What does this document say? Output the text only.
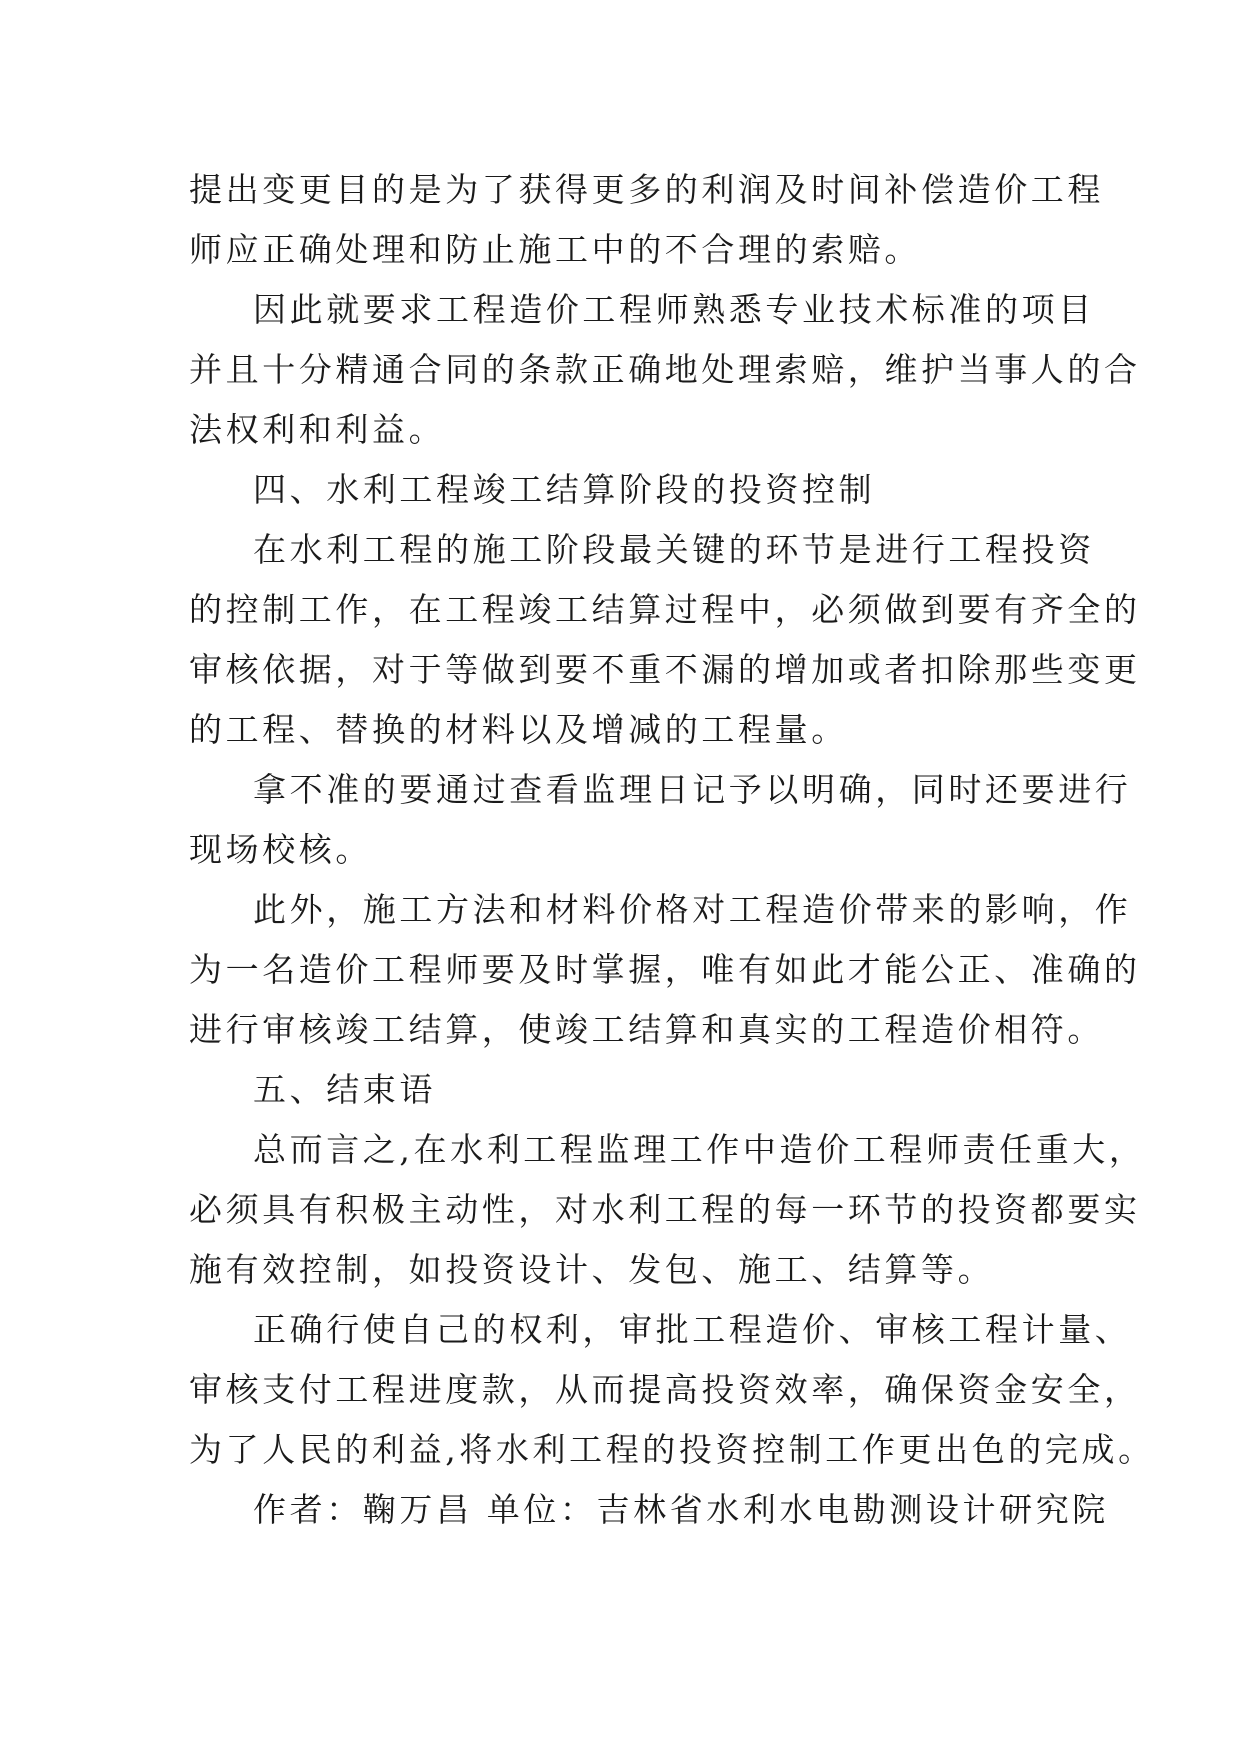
提出变更目的是为了获得更多的利润及时间补偿造价工程
师应正确处理和防止施工中的不合理的索赔。
因此就要求工程造价工程师熟悉专业技术标准的项目
并且十分精通合同的条款正确地处理索赔，维护当事人的合
法权利和利益。
四、水利工程竣工结算阶段的投资控制
在水利工程的施工阶段最关键的环节是进行工程投资
的控制工作，在工程竣工结算过程中，必须做到要有齐全的
审核依据，对于等做到要不重不漏的增加或者扣除那些变更
的工程、替换的材料以及增减的工程量。
拿不准的要通过查看监理日记予以明确，同时还要进行
现场校核。
此外，施工方法和材料价格对工程造价带来的影响，作
为一名造价工程师要及时掌握，唯有如此才能公正、准确的
进行审核竣工结算，使竣工结算和真实的工程造价相符。
五、结束语
总而言之,在水利工程监理工作中造价工程师责任重大，
必须具有积极主动性，对水利工程的每一环节的投资都要实
施有效控制，如投资设计、发包、施工、结算等。
正确行使自己的权利，审批工程造价、审核工程计量、
审核支付工程进度款，从而提高投资效率，确保资金安全，
为了人民的利益,将水利工程的投资控制工作更出色的完成。
作者：鞠万昌 单位：吉林省水利水电勘测设计研究院
